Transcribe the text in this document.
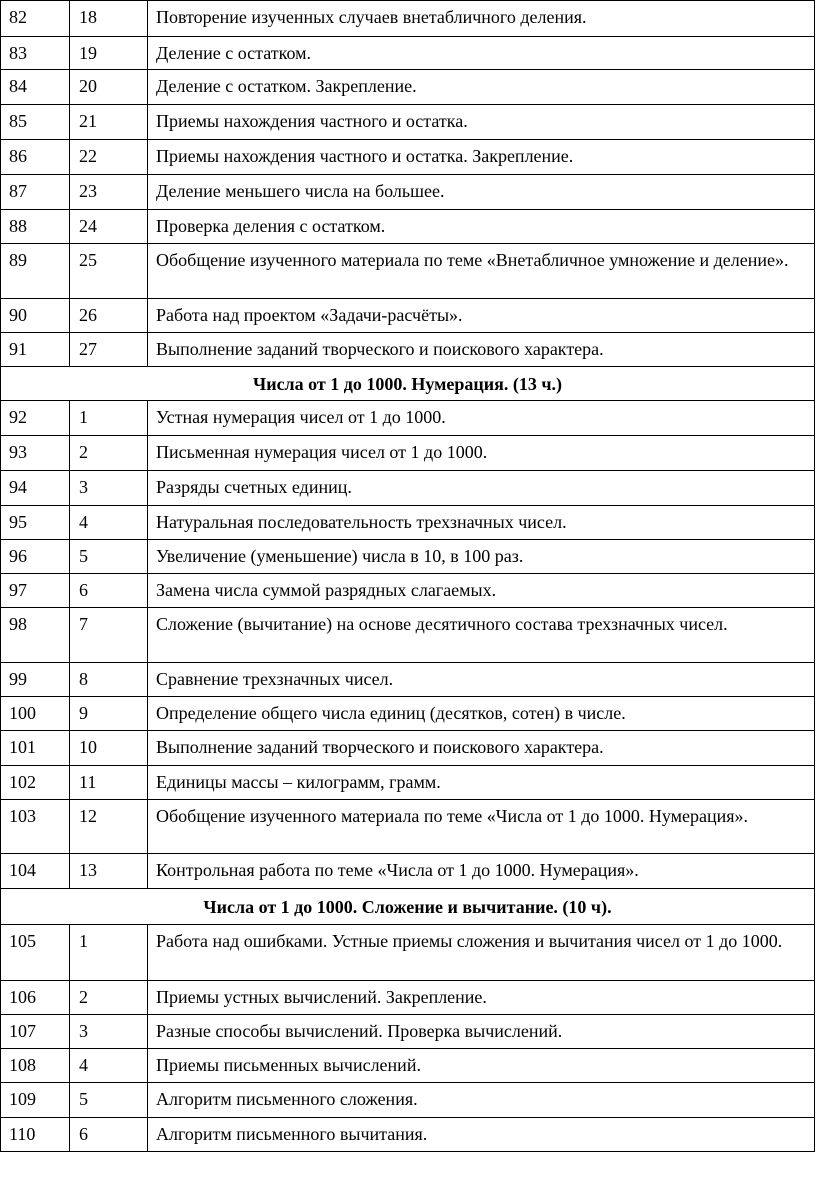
82	18	Повторение изученных случаев внетабличного деления.
83	19	Деление с остатком.
84	20	Деление с остатком. Закрепление.
85	21	Приемы нахождения частного и остатка.
86	22	Приемы нахождения частного и остатка. Закрепление.
87	23	Деление меньшего числа на большее.
88	24	Проверка деления с остатком.
89	25	Обобщение изученного материала по теме «Внетабличное умножение и деление».
90	26	Работа над проектом «Задачи-расчёты».
91	27	Выполнение заданий творческого и поискового характера.
Числа от 1 до 1000. Нумерация. (13 ч.)		
92	1	Устная нумерация чисел от 1 до 1000.
93	2	Письменная нумерация чисел от 1 до 1000.
94	3	Разряды счетных единиц.
95	4	Натуральная последовательность трехзначных чисел.
96	5	Увеличение (уменьшение) числа в 10, в 100 раз.
97	6	Замена числа суммой разрядных слагаемых.
98	7	Сложение (вычитание) на основе десятичного состава трехзначных чисел.
99	8	Сравнение трехзначных чисел.
100	9	Определение общего числа единиц (десятков, сотен) в числе.
101	10	Выполнение заданий творческого и поискового характера.
102	11	Единицы массы – килограмм, грамм.
103	12	Обобщение изученного материала по теме «Числа от 1 до 1000. Нумерация».
104	13	Контрольная работа по теме «Числа от 1 до 1000. Нумерация».
Числа от 1 до 1000. Сложение и вычитание. (10 ч).		
105	1	Работа над ошибками. Устные приемы сложения и вычитания чисел от 1 до 1000.
106	2	Приемы устных вычислений. Закрепление.
107	3	Разные способы вычислений. Проверка вычислений.
108	4	Приемы письменных вычислений.
109	5	Алгоритм письменного сложения.
110	6	Алгоритм письменного вычитания.
